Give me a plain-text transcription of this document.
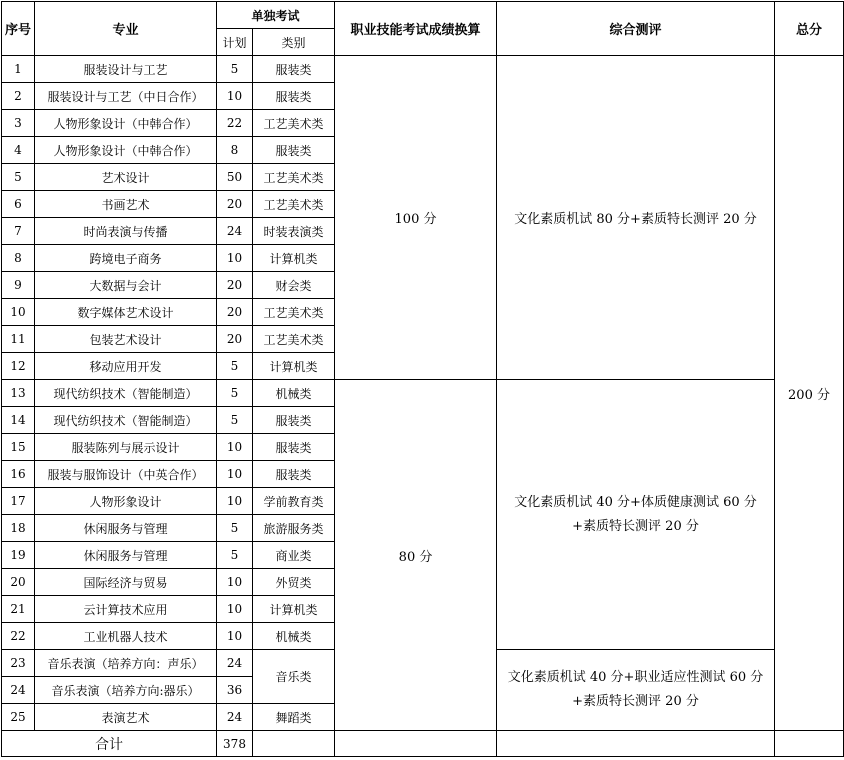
序号	专业	单独考试		职业技能考试成绩换算	综合测评	总分
		计划	类别			
1	服装设计与工艺	5	服装类	100 分	文化素质机试 80 分+素质特长测评 20 分	200 分
2	服装设计与工艺（中日合作）	10	服装类			
3	人物形象设计（中韩合作）	22	工艺美术类			
4	人物形象设计（中韩合作）	8	服装类			
5	艺术设计	50	工艺美术类			
6	书画艺术	20	工艺美术类			
7	时尚表演与传播	24	时装表演类			
8	跨境电子商务	10	计算机类			
9	大数据与会计	20	财会类			
10	数字媒体艺术设计	20	工艺美术类			
11	包装艺术设计	20	工艺美术类			
12	移动应用开发	5	计算机类			
13	现代纺织技术（智能制造）	5	机械类	80 分	文化素质机试 40 分+体质健康测试 60 分
+素质特长测评 20 分	

14	现代纺织技术（智能制造）	5	服装类			
15	服装陈列与展示设计	10	服装类			
16	服装与服饰设计（中英合作）	10	服装类			
17	人物形象设计	10	学前教育类			
18	休闲服务与管理	5	旅游服务类			
19	休闲服务与管理	5	商业类			
20	国际经济与贸易	10	外贸类			
21	云计算技术应用	10	计算机类			
22	工业机器人技术	10	机械类			
23	音乐表演（培养方向：声乐）	24	音乐类		文化素质机试 40 分+职业适应性测试 60 分
+素质特长测评 20 分	

24	音乐表演（培养方向:器乐）	36				
25	表演艺术	24	舞蹈类			
合计		378				
